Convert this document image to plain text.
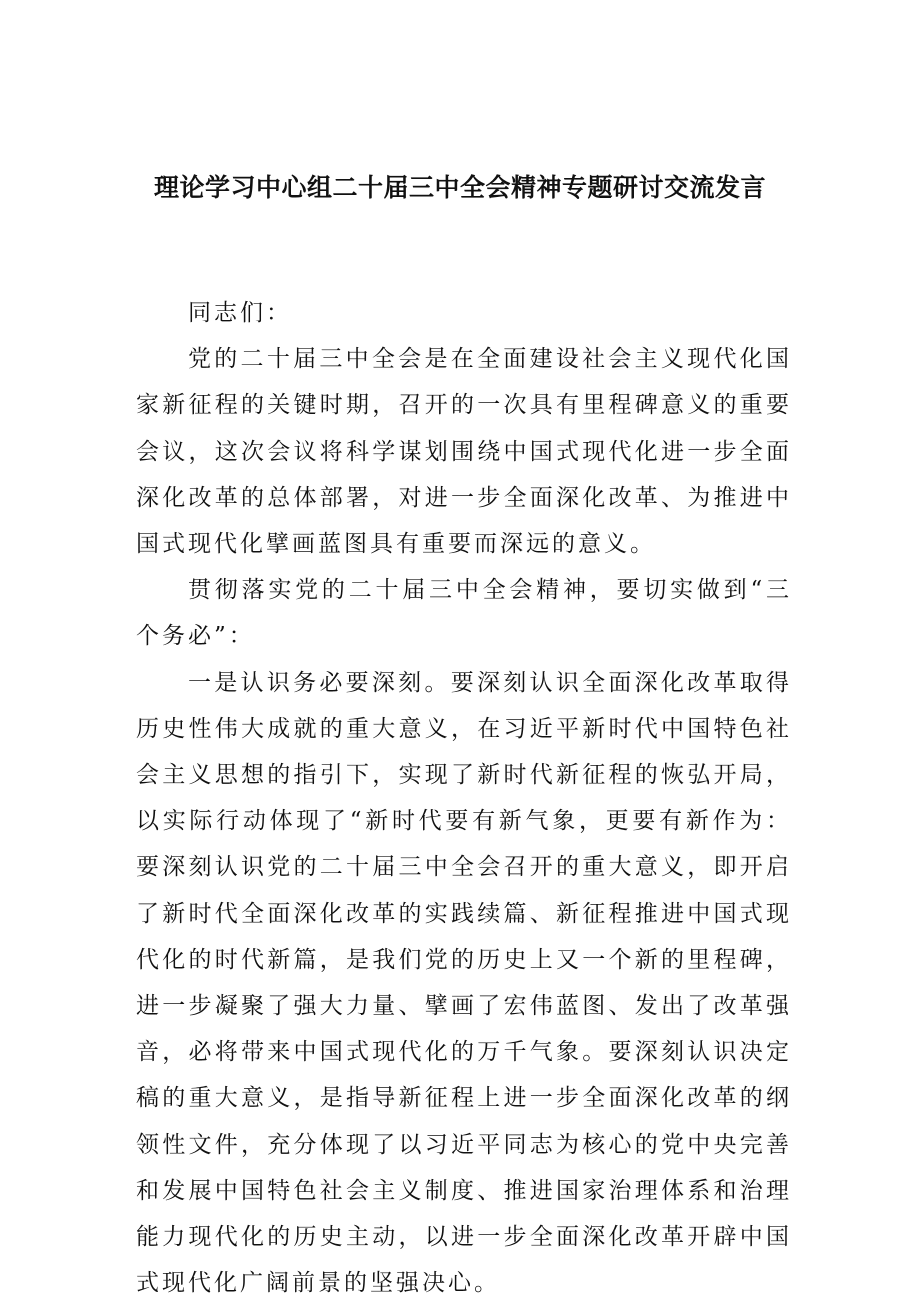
理论学习中心组二十届三中全会精神专题研讨交流发言

同志们：

党的二十届三中全会是在全面建设社会主义现代化国家新征程的关键时期，召开的一次具有里程碑意义的重要会议，这次会议将科学谋划围绕中国式现代化进一步全面深化改革的总体部署，对进一步全面深化改革、为推进中国式现代化擘画蓝图具有重要而深远的意义。

贯彻落实党的二十届三中全会精神，要切实做到“三个务必”：

一是认识务必要深刻。要深刻认识全面深化改革取得历史性伟大成就的重大意义，在习近平新时代中国特色社会主义思想的指引下，实现了新时代新征程的恢弘开局，以实际行动体现了“新时代要有新气象，更要有新作为：要深刻认识党的二十届三中全会召开的重大意义，即开启了新时代全面深化改革的实践续篇、新征程推进中国式现代化的时代新篇，是我们党的历史上又一个新的里程碑，进一步凝聚了强大力量、擘画了宏伟蓝图、发出了改革强音，必将带来中国式现代化的万千气象。要深刻认识决定稿的重大意义，是指导新征程上进一步全面深化改革的纲领性文件，充分体现了以习近平同志为核心的党中央完善和发展中国特色社会主义制度、推进国家治理体系和治理能力现代化的历史主动，以进一步全面深化改革开辟中国式现代化广阔前景的坚强决心。
